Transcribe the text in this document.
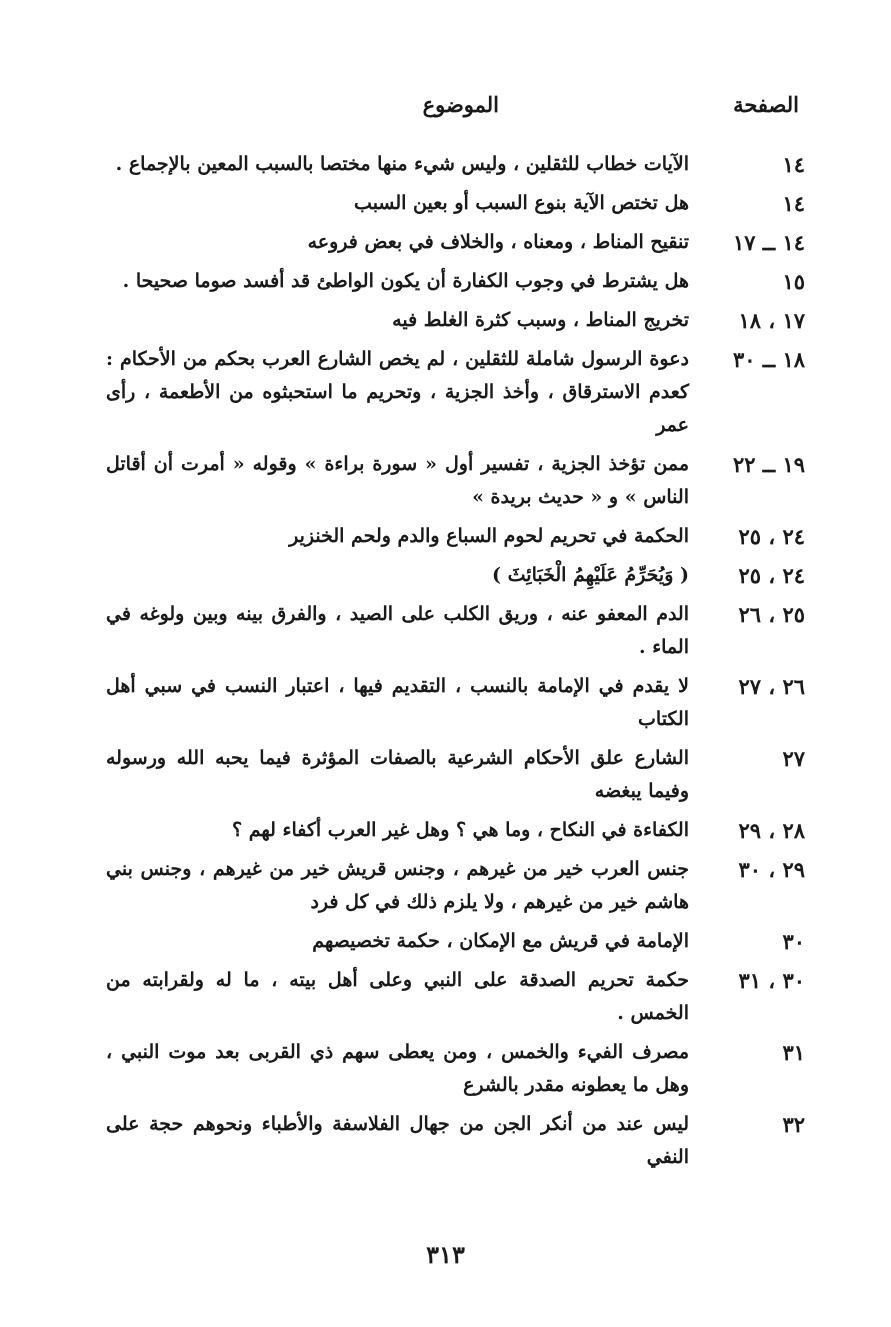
الصفحة
الموضوع
١٤
الآيات خطاب للثقلين ، وليس شيء منها مختصا بالسبب المعين بالإجماع .
١٤
هل تختص الآية بنوع السبب أو بعين السبب
١٤ ــ ١٧
تنقيح المناط ، ومعناه ، والخلاف في بعض فروعه
١٥
هل يشترط في وجوب الكفارة أن يكون الواطئ قد أفسد صوما صحيحا .
١٧ ، ١٨
تخريج المناط ، وسبب كثرة الغلط فيه
١٨ ــ ٣٠
دعوة الرسول شاملة للثقلين ، لم يخص الشارع العرب بحكم من الأحكام : كعدم الاسترقاق ، وأخذ الجزية ، وتحريم ما استحبثوه من الأطعمة ، رأى عمر
١٩ ــ ٢٢
ممن تؤخذ الجزية ، تفسير أول « سورة براءة » وقوله « أمرت أن أقاتل الناس » و « حديث بريدة »
٢٤ ، ٢٥
الحكمة في تحريم لحوم السباع والدم ولحم الخنزير
٢٤ ، ٢٥
( وَيُحَرِّمُ عَلَيْهِمُ الْخَبَائِثَ )
٢٥ ، ٢٦
الدم المعفو عنه ، وريق الكلب على الصيد ، والفرق بينه وبين ولوغه في الماء .
٢٦ ، ٢٧
لا يقدم في الإمامة بالنسب ، التقديم فيها ، اعتبار النسب في سبي أهل الكتاب
٢٧
الشارع علق الأحكام الشرعية بالصفات المؤثرة فيما يحبه الله ورسوله وفيما يبغضه
٢٨ ، ٢٩
الكفاءة في النكاح ، وما هي ؟ وهل غير العرب أكفاء لهم ؟
٢٩ ، ٣٠
جنس العرب خير من غيرهم ، وجنس قريش خير من غيرهم ، وجنس بني هاشم خير من غيرهم ، ولا يلزم ذلك في كل فرد
٣٠
الإمامة في قريش مع الإمكان ، حكمة تخصيصهم
٣٠ ، ٣١
حكمة تحريم الصدقة على النبي وعلى أهل بيته ، ما له ولقرابته من الخمس .
٣١
مصرف الفيء والخمس ، ومن يعطى سهم ذي القربى بعد موت النبي ، وهل ما يعطونه مقدر بالشرع
٣٢
ليس عند من أنكر الجن من جهال الفلاسفة والأطباء ونحوهم حجة على النفي
٣١٣
